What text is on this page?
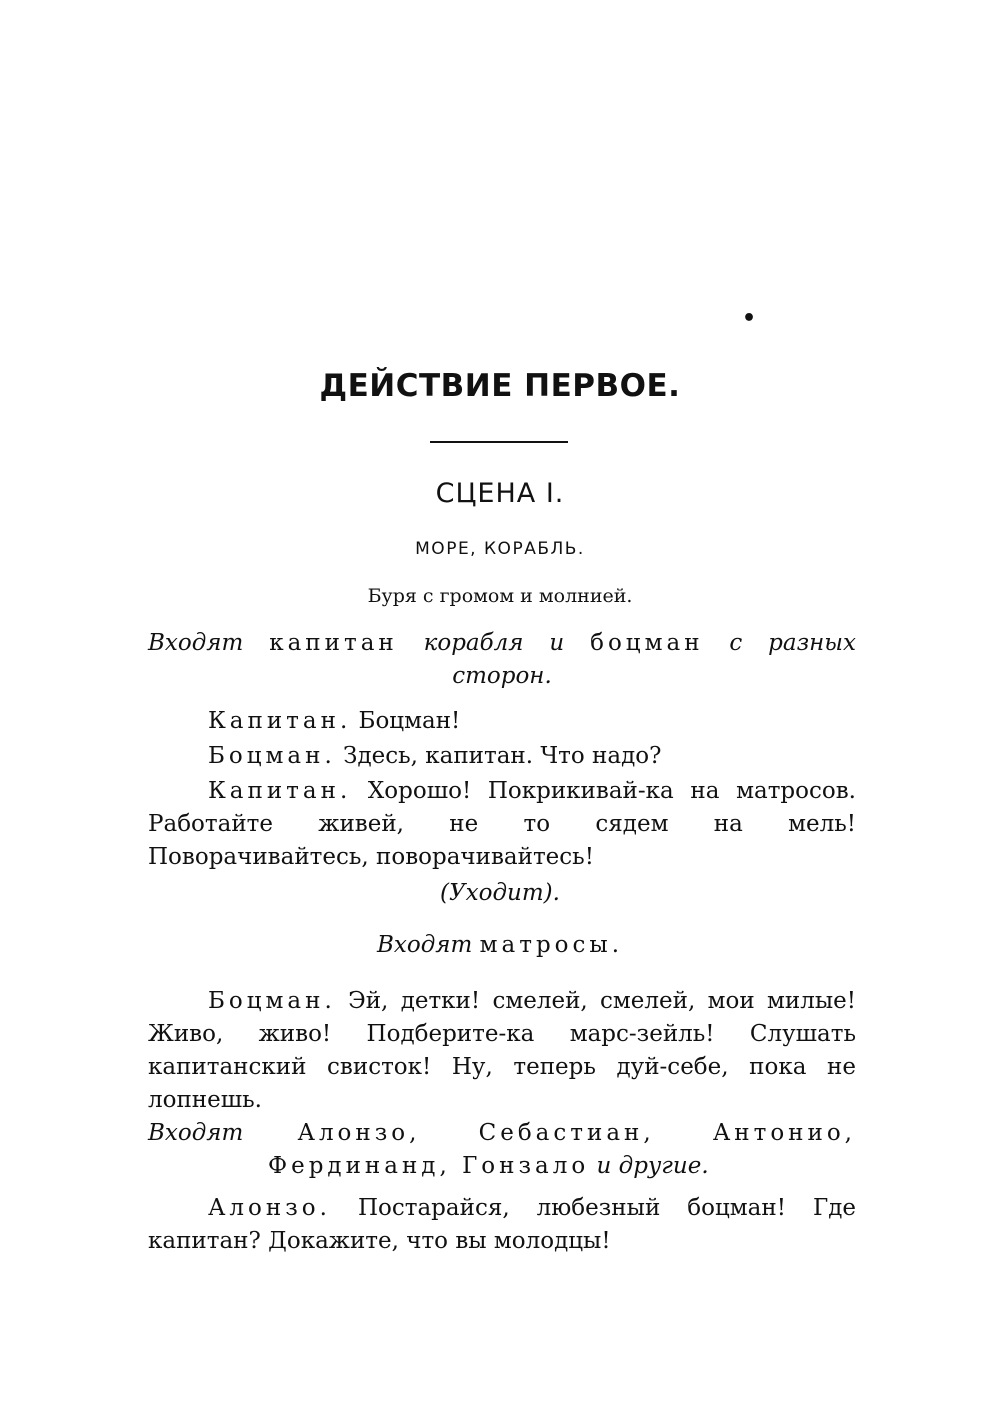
•
ДЕЙСТВИЕ ПЕРВОЕ.
СЦЕНА I.
МОРЕ, КОРАБЛЬ.
Буря с громом и молнией.
Входят капитан корабля и боцман с разных
сторон.
Капитан. Боцман!
Боцман. Здесь, капитан. Что надо?
Капитан. Хорошо! Покрикивай-ка на матросов. Работайте живей, не то сядем на мель! Поворачивайтесь, поворачивайтесь!
(Уходит).
Входят матросы.
Боцман. Эй, детки! смелей, смелей, мои милые! Живо, живо! Подберите-ка марс-зейль! Слушать капитанский свисток! Ну, теперь дуй-себе, пока не лопнешь.
Входят Алонзо, Себастиан, Антонио, Фердинанд, Гонзало и другие.
Алонзо. Постарайся, любезный боцман! Где капитан? Докажите, что вы молодцы!
